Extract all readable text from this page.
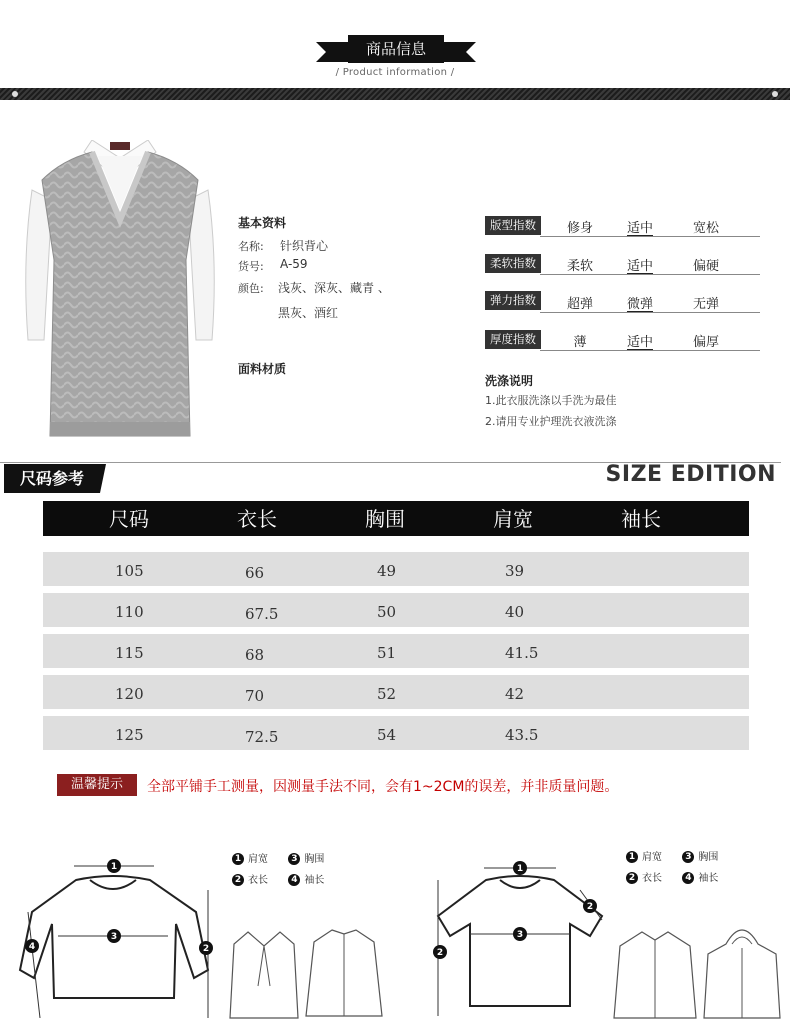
商品信息
/ Product information /
基本资料
名称: 针织背心
货号: A-59
颜色: 浅灰、深灰、藏青 、
黑灰、酒红
面料材质
版型指数	修身	适中	宽松
柔软指数	柔软	适中	偏硬
弹力指数	超弹	微弹	无弹
厚度指数	薄	适中	偏厚
洗涤说明
1.此衣服洗涤以手洗为最佳
2.请用专业护理洗衣液洗涤
尺码参考	SIZE EDITION
尺码	衣长	胸围	肩宽	袖长
105	66	49	39
110	67.5	50	40
115	68	51	41.5
120	70	52	42
125	72.5	54	43.5
温馨提示	全部平铺手工测量，因测量手法不同，会有1~2CM的误差，并非质量问题。
1
3
2
4
1 肩宽	3 胸围
2 衣长	4 袖长
1
3
2
2
1 肩宽	3 胸围
2 衣长	4 袖长
